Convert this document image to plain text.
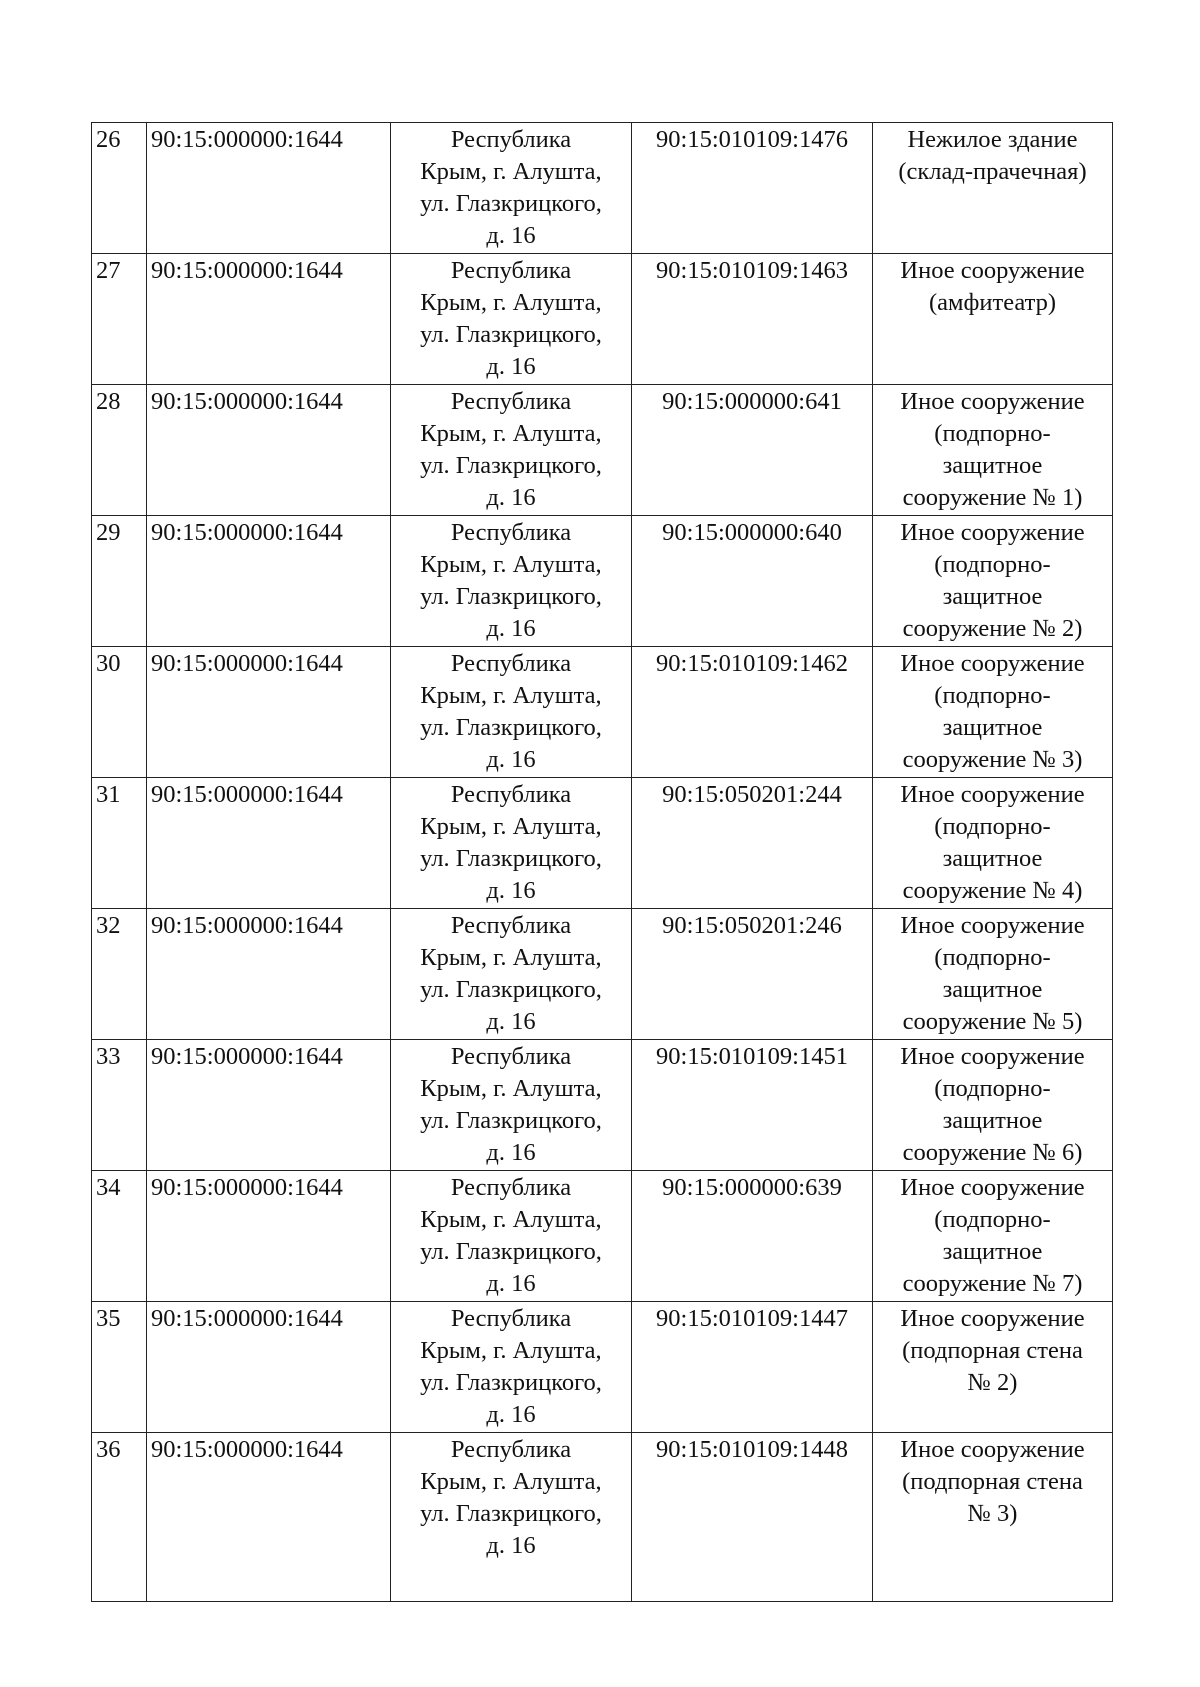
26	90:15:000000:1644	Республика
Крым, г. Алушта,
ул. Глазкрицкого,
д. 16	90:15:010109:1476	Нежилое здание
(склад-прачечная)

27	90:15:000000:1644	Республика
Крым, г. Алушта,
ул. Глазкрицкого,
д. 16	90:15:010109:1463	Иное сооружение
(амфитеатр)

28	90:15:000000:1644	Республика
Крым, г. Алушта,
ул. Глазкрицкого,
д. 16	90:15:000000:641	Иное сооружение
(подпорно-
защитное
сооружение № 1)

29	90:15:000000:1644	Республика
Крым, г. Алушта,
ул. Глазкрицкого,
д. 16	90:15:000000:640	Иное сооружение
(подпорно-
защитное
сооружение № 2)

30	90:15:000000:1644	Республика
Крым, г. Алушта,
ул. Глазкрицкого,
д. 16	90:15:010109:1462	Иное сооружение
(подпорно-
защитное
сооружение № 3)

31	90:15:000000:1644	Республика
Крым, г. Алушта,
ул. Глазкрицкого,
д. 16	90:15:050201:244	Иное сооружение
(подпорно-
защитное
сооружение № 4)

32	90:15:000000:1644	Республика
Крым, г. Алушта,
ул. Глазкрицкого,
д. 16	90:15:050201:246	Иное сооружение
(подпорно-
защитное
сооружение № 5)

33	90:15:000000:1644	Республика
Крым, г. Алушта,
ул. Глазкрицкого,
д. 16	90:15:010109:1451	Иное сооружение
(подпорно-
защитное
сооружение № 6)

34	90:15:000000:1644	Республика
Крым, г. Алушта,
ул. Глазкрицкого,
д. 16	90:15:000000:639	Иное сооружение
(подпорно-
защитное
сооружение № 7)

35	90:15:000000:1644	Республика
Крым, г. Алушта,
ул. Глазкрицкого,
д. 16	90:15:010109:1447	Иное сооружение
(подпорная стена
№ 2)

36	90:15:000000:1644	Республика
Крым, г. Алушта,
ул. Глазкрицкого,
д. 16	90:15:010109:1448	Иное сооружение
(подпорная стена
№ 3)
